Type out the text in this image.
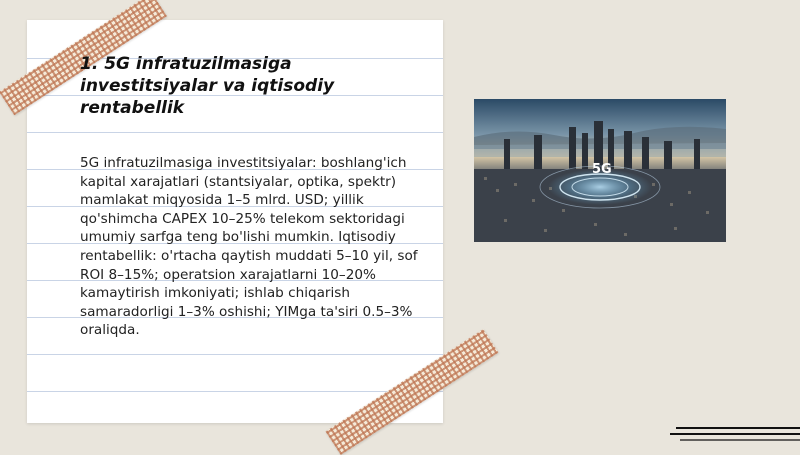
1. 5G infratuzilmasiga investitsiyalar va iqtisodiy rentabellik

5G infratuzilmasiga investitsiyalar: boshlang'ich kapital xarajatlari (stantsiyalar, optika, spektr) mamlakat miqyosida 1–5 mlrd. USD; yillik qo'shimcha CAPEX 10–25% telekom sektoridagi umumiy sarfga teng bo'lishi mumkin. Iqtisodiy rentabellik: o'rtacha qaytish muddati 5–10 yil, sof ROI 8–15%; operatsion xarajatlarni 10–20% kamaytirish imkoniyati; ishlab chiqarish samaradorligi 1–3% oshishi; YIMga ta'siri 0.5–3% oraliqda.

5G
